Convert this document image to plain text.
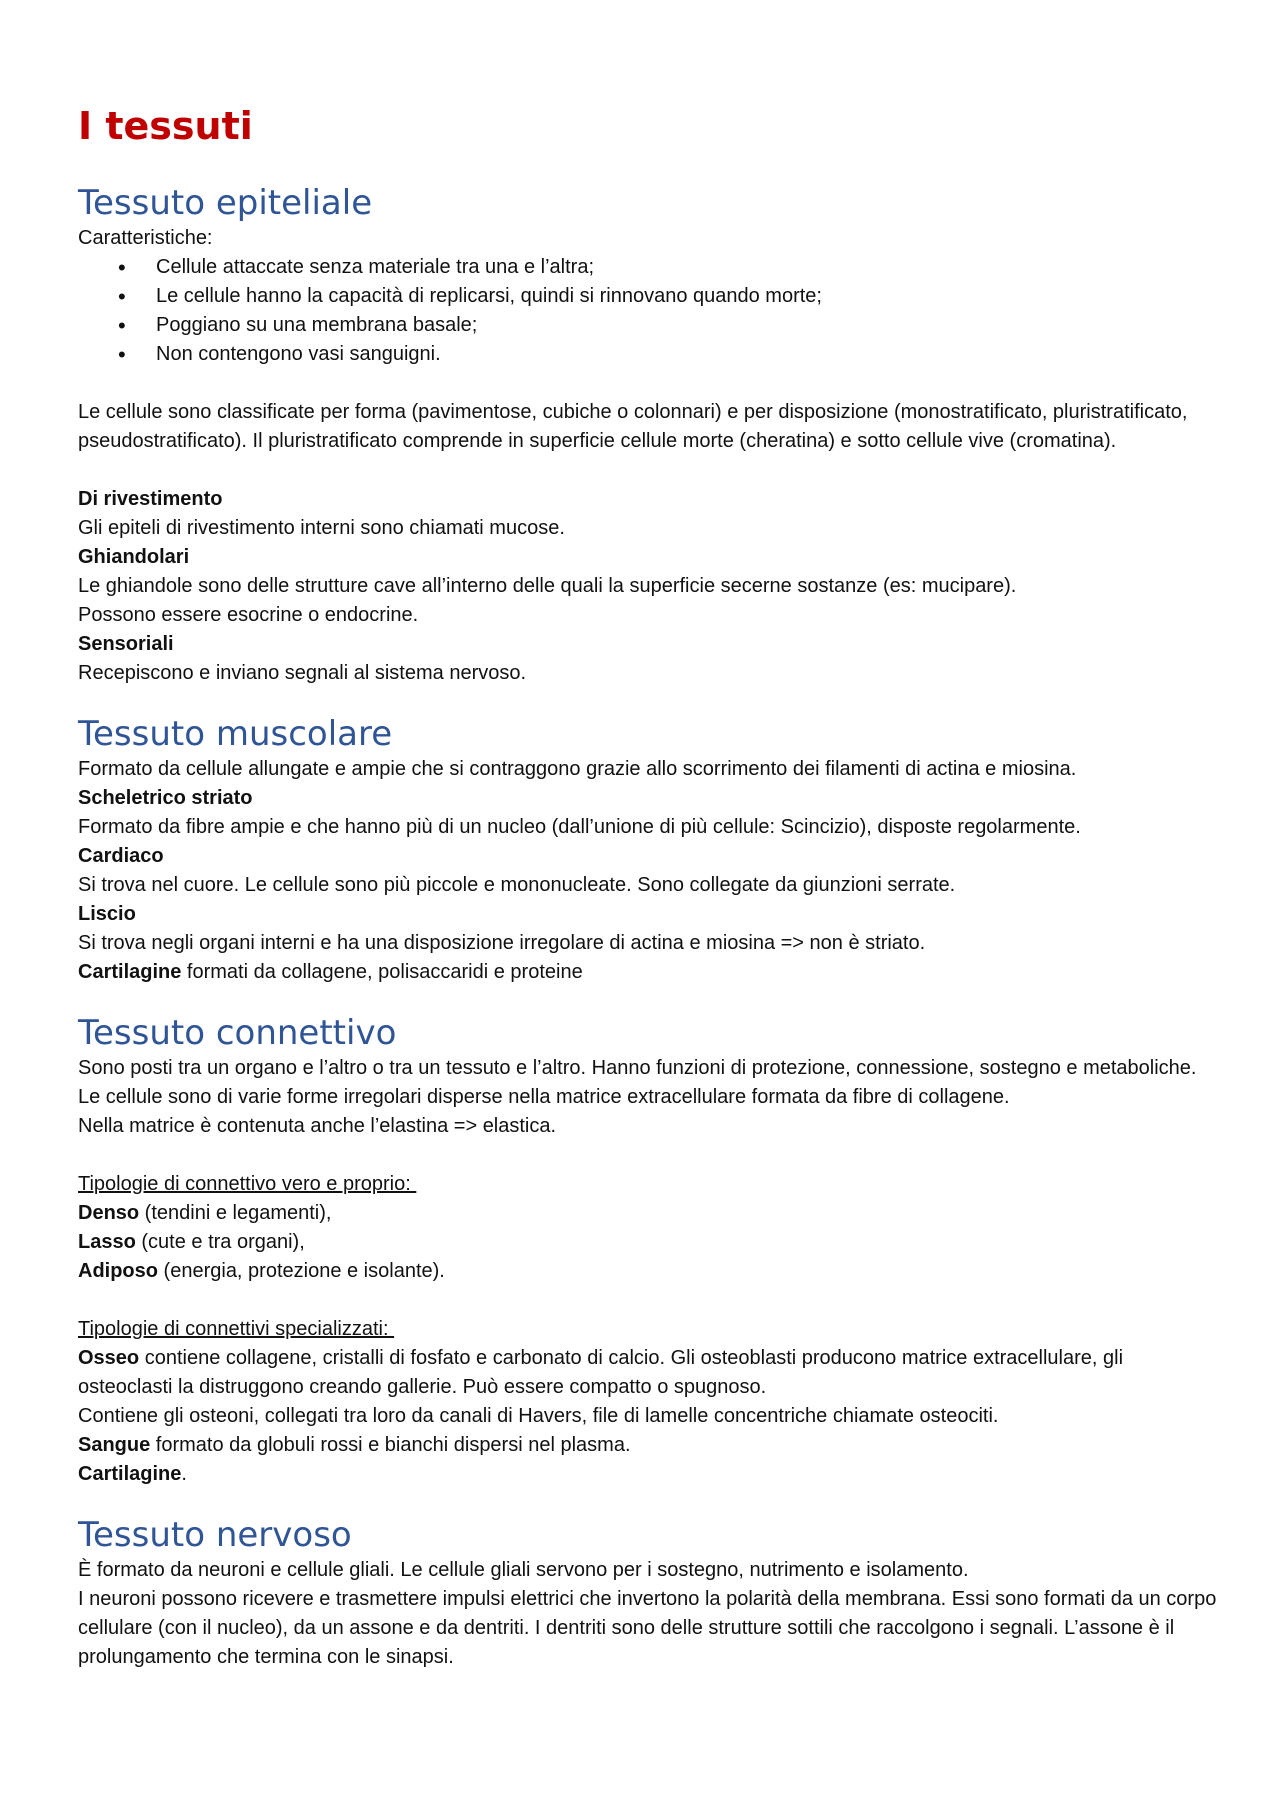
I tessuti
Tessuto epiteliale

Caratteristiche:

• Cellule attaccate senza materiale tra una e l’altra;
• Le cellule hanno la capacità di replicarsi, quindi si rinnovano quando morte;
• Poggiano su una membrana basale;
• Non contengono vasi sanguigni.

Le cellule sono classificate per forma (pavimentose, cubiche o colonnari) e per disposizione (monostratificato, pluristratificato, pseudostratificato). Il pluristratificato comprende in superficie cellule morte (cheratina) e sotto cellule vive (cromatina).

Di rivestimento

Gli epiteli di rivestimento interni sono chiamati mucose.

Ghiandolari

Le ghiandole sono delle strutture cave all’interno delle quali la superficie secerne sostanze (es: mucipare).

Possono essere esocrine o endocrine.

Sensoriali

Recepiscono e inviano segnali al sistema nervoso.

Tessuto muscolare

Formato da cellule allungate e ampie che si contraggono grazie allo scorrimento dei filamenti di actina e miosina.

Scheletrico striato

Formato da fibre ampie e che hanno più di un nucleo (dall’unione di più cellule: Scincizio), disposte regolarmente.

Cardiaco

Si trova nel cuore. Le cellule sono più piccole e mononucleate. Sono collegate da giunzioni serrate.

Liscio

Si trova negli organi interni e ha una disposizione irregolare di actina e miosina => non è striato.

Cartilagine formati da collagene, polisaccaridi e proteine

Tessuto connettivo

Sono posti tra un organo e l’altro o tra un tessuto e l’altro. Hanno funzioni di protezione, connessione, sostegno e metaboliche.

Le cellule sono di varie forme irregolari disperse nella matrice extracellulare formata da fibre di collagene.

Nella matrice è contenuta anche l’elastina => elastica.

Tipologie di connettivo vero e proprio:

Denso (tendini e legamenti),

Lasso (cute e tra organi),

Adiposo (energia, protezione e isolante).

Tipologie di connettivi specializzati:

Osseo contiene collagene, cristalli di fosfato e carbonato di calcio. Gli osteoblasti producono matrice extracellulare, gli osteoclasti la distruggono creando gallerie. Può essere compatto o spugnoso.

Contiene gli osteoni, collegati tra loro da canali di Havers, file di lamelle concentriche chiamate osteociti.

Sangue formato da globuli rossi e bianchi dispersi nel plasma.

Cartilagine.

Tessuto nervoso

È formato da neuroni e cellule gliali. Le cellule gliali servono per i sostegno, nutrimento e isolamento.

I neuroni possono ricevere e trasmettere impulsi elettrici che invertono la polarità della membrana. Essi sono formati da un corpo cellulare (con il nucleo), da un assone e da dentriti. I dentriti sono delle strutture sottili che raccolgono i segnali. L’assone è il prolungamento che termina con le sinapsi.
